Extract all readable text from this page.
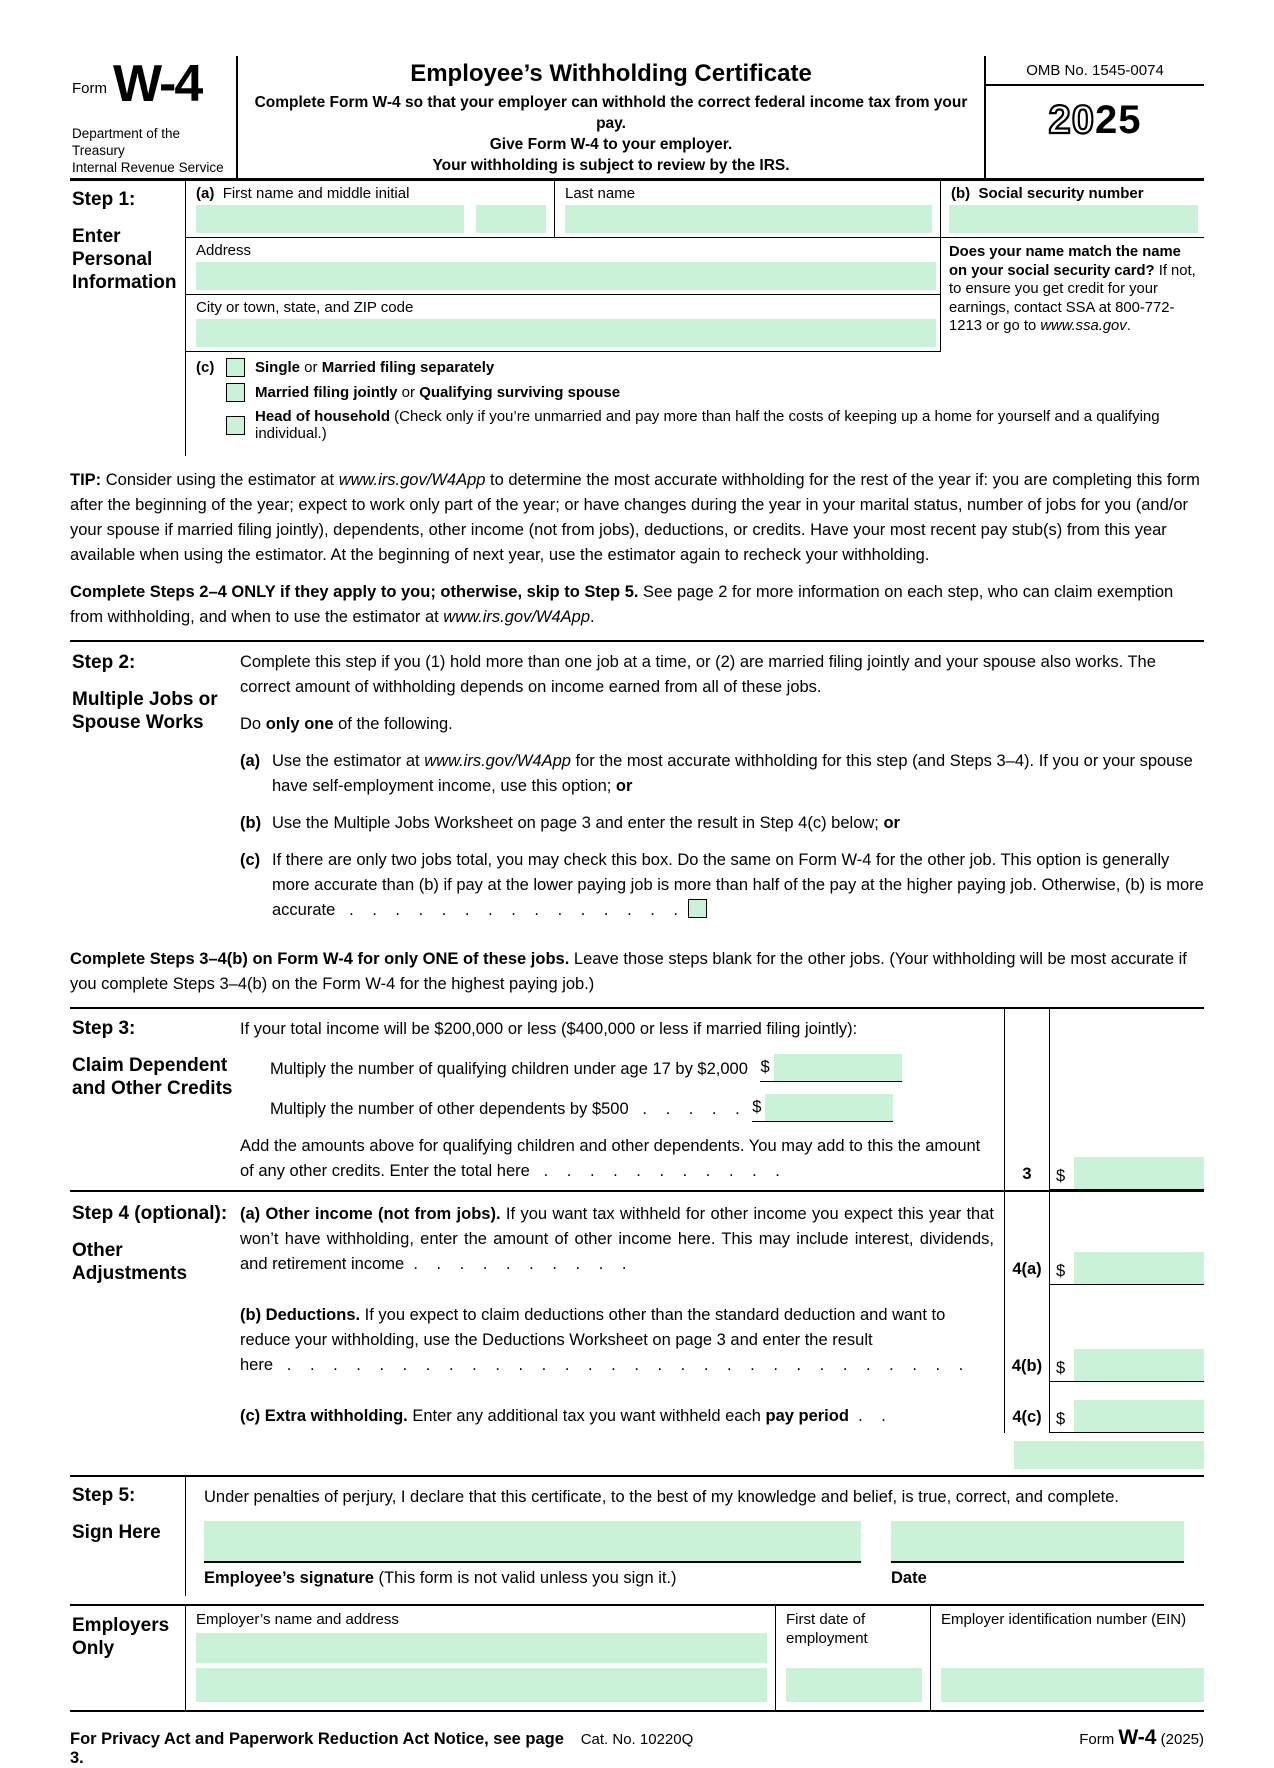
Form W-4
Department of the Treasury
Internal Revenue Service
Employee’s Withholding Certificate
Complete Form W-4 so that your employer can withhold the correct federal income tax from your pay.
Give Form W-4 to your employer.
Your withholding is subject to review by the IRS.
OMB No. 1545-0074
2025
Step 1:
Enter Personal Information
(a) First name and middle initial	Last name
Address
City or town, state, and ZIP code
(b) Social security number
Does your name match the name on your social security card? If not, to ensure you get credit for your earnings, contact SSA at 800-772-1213 or go to www.ssa.gov.
(c)	Single or Married filing separately
Married filing jointly or Qualifying surviving spouse
Head of household (Check only if you’re unmarried and pay more than half the costs of keeping up a home for yourself and a qualifying individual.)
TIP: Consider using the estimator at www.irs.gov/W4App to determine the most accurate withholding for the rest of the year if: you are completing this form after the beginning of the year; expect to work only part of the year; or have changes during the year in your marital status, number of jobs for you (and/or your spouse if married filing jointly), dependents, other income (not from jobs), deductions, or credits. Have your most recent pay stub(s) from this year available when using the estimator. At the beginning of next year, use the estimator again to recheck your withholding.
Complete Steps 2–4 ONLY if they apply to you; otherwise, skip to Step 5. See page 2 for more information on each step, who can claim exemption from withholding, and when to use the estimator at www.irs.gov/W4App.
Step 2:
Multiple Jobs or Spouse Works

Complete this step if you (1) hold more than one job at a time, or (2) are married filing jointly and your spouse also works. The correct amount of withholding depends on income earned from all of these jobs.

Do only one of the following.

(a) Use the estimator at www.irs.gov/W4App for the most accurate withholding for this step (and Steps 3–4). If you or your spouse have self-employment income, use this option; or
(b) Use the Multiple Jobs Worksheet on page 3 and enter the result in Step 4(c) below; or
(c) If there are only two jobs total, you may check this box. Do the same on Form W-4 for the other job. This option is generally more accurate than (b) if pay at the lower paying job is more than half of the pay at the higher paying job. Otherwise, (b) is more accurate . . . . . . . . . . . . . . .
Complete Steps 3–4(b) on Form W-4 for only ONE of these jobs. Leave those steps blank for the other jobs. (Your withholding will be most accurate if you complete Steps 3–4(b) on the Form W-4 for the highest paying job.)
Step 3:
Claim Dependent and Other Credits
If your total income will be $200,000 or less ($400,000 or less if married filing jointly):
Multiply the number of qualifying children under age 17 by $2,000 $
Multiply the number of other dependents by $500 . . . . . $
Add the amounts above for qualifying children and other dependents. You may add to this the amount of any other credits. Enter the total here . . . . . . . . . . .	3	$
Step 4 (optional):
Other Adjustments
(a) Other income (not from jobs). If you want tax withheld for other income you expect this year that won’t have withholding, enter the amount of other income here. This may include interest, dividends, and retirement income . . . . . . . . . .	4(a) $
(b) Deductions. If you expect to claim deductions other than the standard deduction and want to reduce your withholding, use the Deductions Worksheet on page 3 and enter the result here . . . . . . . . . . . . . . . . . . . . . . . . . . . . . .	4(b) $
(c) Extra withholding. Enter any additional tax you want withheld each pay period . .	4(c) $
Step 5:
Sign Here
Under penalties of perjury, I declare that this certificate, to the best of my knowledge and belief, is true, correct, and complete.
Employee’s signature (This form is not valid unless you sign it.)	Date
Employers Only
Employer’s name and address	First date of employment
Employer identification number (EIN)
For Privacy Act and Paperwork Reduction Act Notice, see page 3.
Cat. No. 10220Q	Form W-4 (2025)
